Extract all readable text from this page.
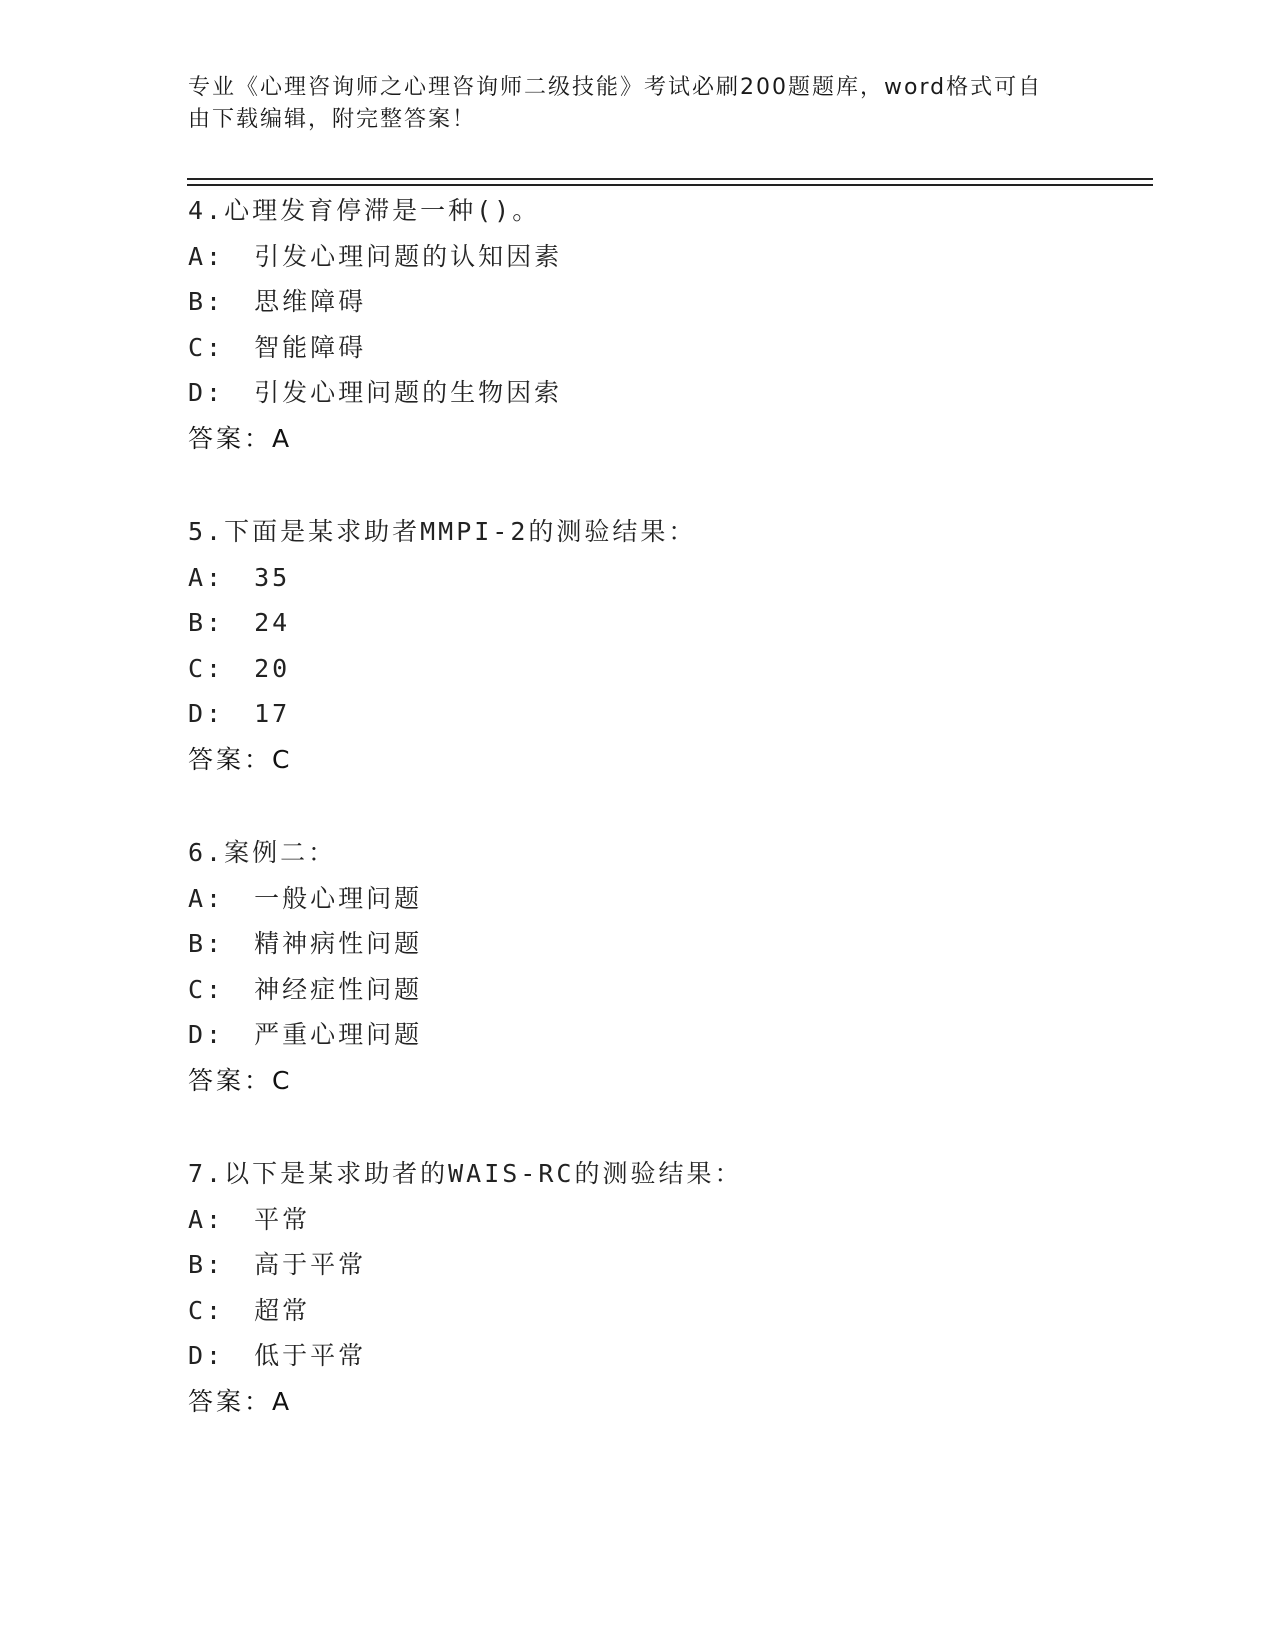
专业《心理咨询师之心理咨询师二级技能》考试必刷200题题库，word格式可自
由下载编辑，附完整答案！
4.心理发育停滞是一种()。
A: 引发心理问题的认知因素
B: 思维障碍
C: 智能障碍
D: 引发心理问题的生物因索
答案：A
5.下面是某求助者MMPI-2的测验结果：
A: 35
B: 24
C: 20
D: 17
答案：C
6.案例二：
A: 一般心理问题
B: 精神病性问题
C: 神经症性问题
D: 严重心理问题
答案：C
7.以下是某求助者的WAIS-RC的测验结果：
A: 平常
B: 高于平常
C: 超常
D: 低于平常
答案：A
